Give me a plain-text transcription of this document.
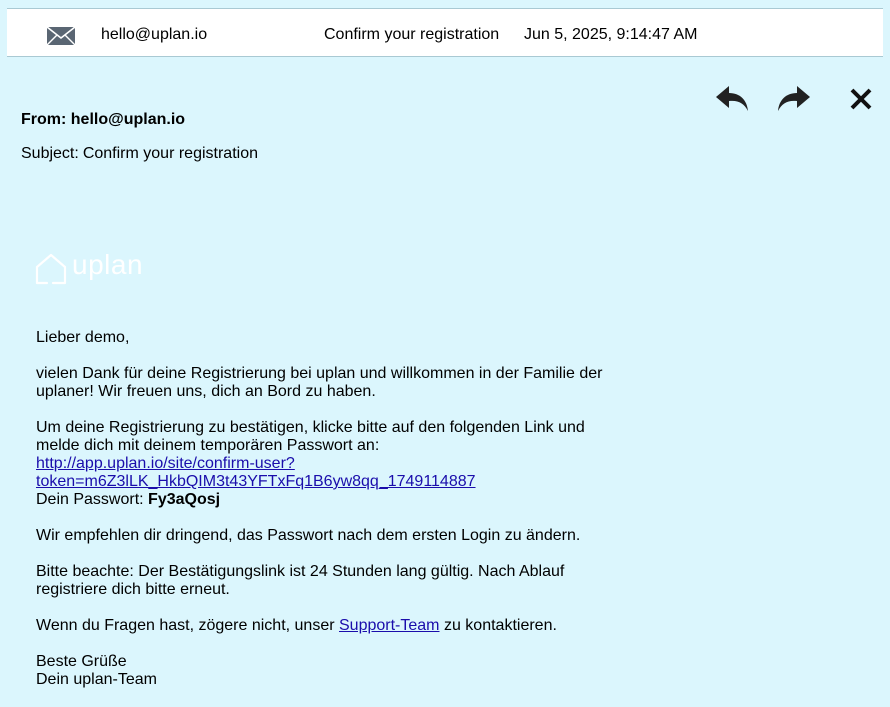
hello@uplan.io	Confirm your registration Jun 5, 2025, 9:14:47 AM
From: hello@uplan.io
Subject: Confirm your registration
uplan

Lieber demo,

vielen Dank für deine Registrierung bei uplan und willkommen in der Familie der uplaner! Wir freuen uns, dich an Bord zu haben.

Um deine Registrierung zu bestätigen, klicke bitte auf den folgenden Link und melde dich mit deinem temporären Passwort an:
http://app.uplan.io/site/confirm-user?
token=m6Z3lLK_HkbQIM3t43YFTxFq1B6yw8qq_1749114887
Dein Passwort: Fy3aQosj

Wir empfehlen dir dringend, das Passwort nach dem ersten Login zu ändern.

Bitte beachte: Der Bestätigungslink ist 24 Stunden lang gültig. Nach Ablauf registriere dich bitte erneut.

Wenn du Fragen hast, zögere nicht, unser Support-Team zu kontaktieren.

Beste Grüße
Dein uplan-Team
